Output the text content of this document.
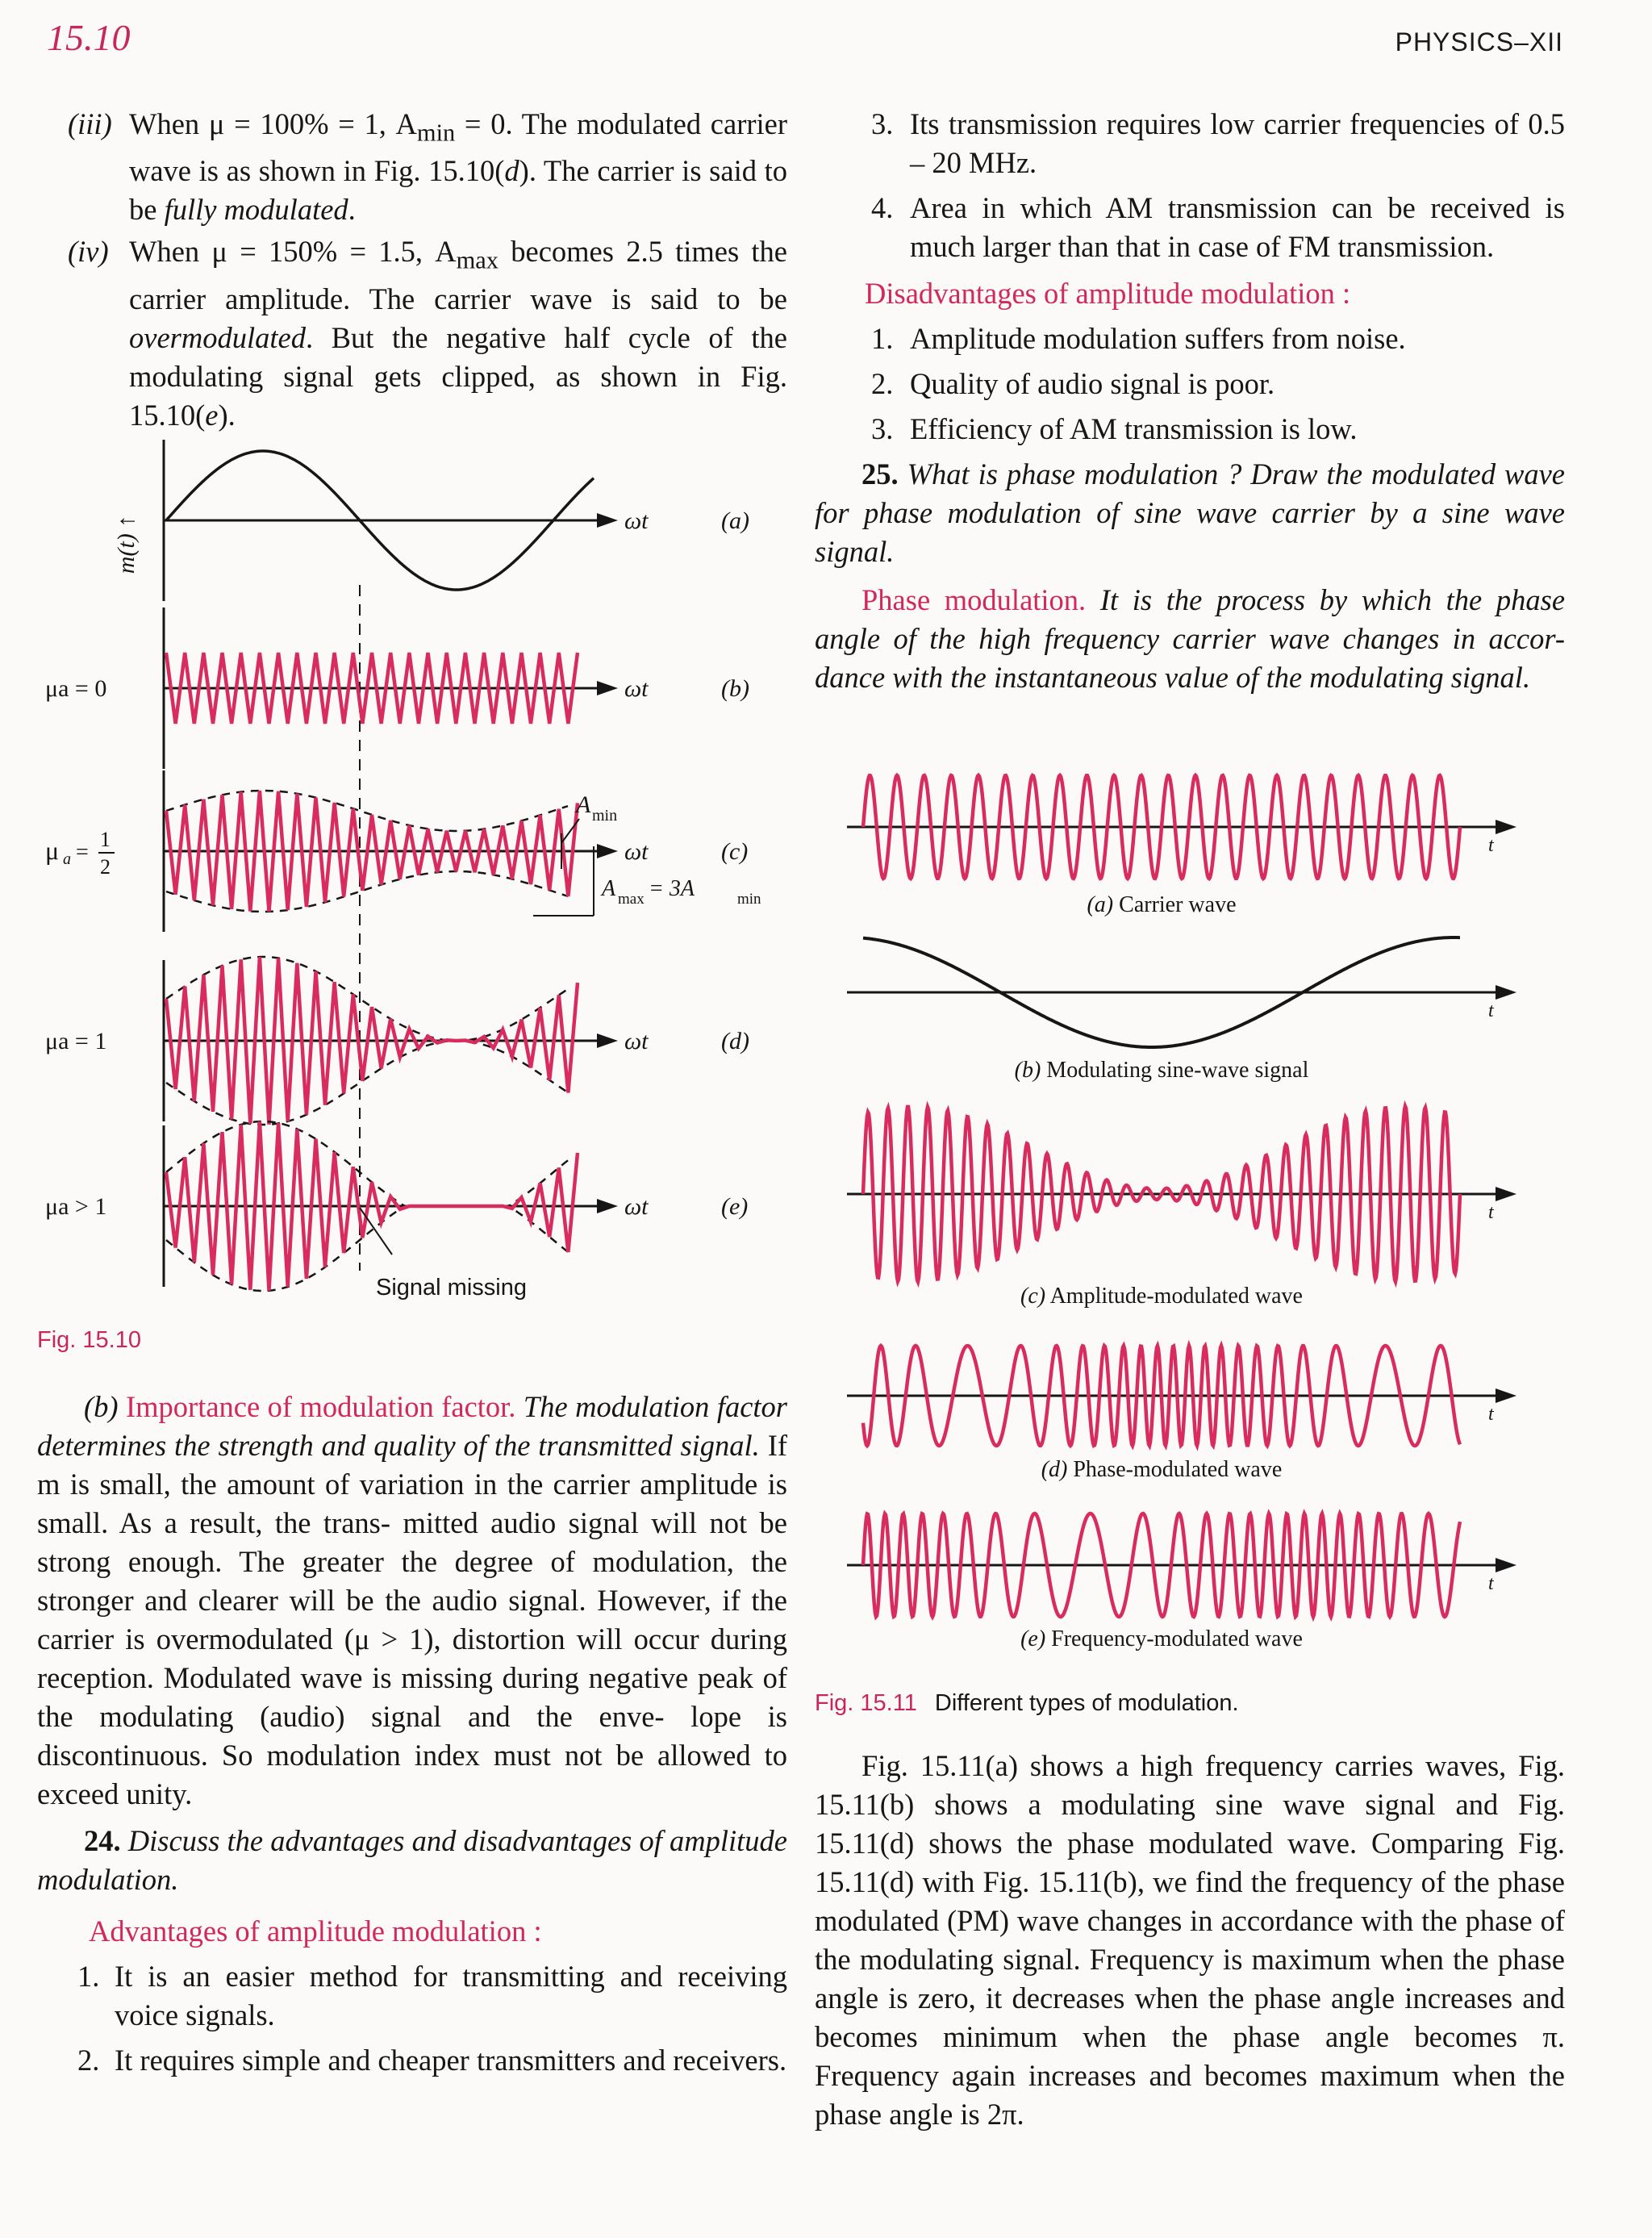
15.10	PHYSICS–XII
(iii) When μ = 100% = 1, $A_{min} = 0$. The modulated carrier wave is as shown in Fig. 15.10(d). The carrier is said to be fully modulated.
(iv) When μ = 150% = 1.5, $A_{max}$ becomes 2.5 times the carrier amplitude. The carrier wave is said to be overmodulated. But the negative half cycle of the modulating signal gets clipped, as shown in Fig. 15.10(e).
m(t) ↑
μa = 0
μ a =
1
2
μa = 1
μa > 1
ωt	(a)
ωt	(b)
ωt	(c)
ωt	(d)
ωt	(e)
A min
A max = 3A	min
Signal missing
Fig. 15.10

(b) Importance of modulation factor. The modulation factor determines the strength and quality of the transmitted signal. If m is small, the amount of variation in the carrier amplitude is small. As a result, the trans- mitted audio signal will not be strong enough. The greater the degree of modulation, the stronger and clearer will be the audio signal. However, if the carrier is overmodulated (μ > 1), distortion will occur during reception. Modulated wave is missing during negative peak of the modulating (audio) signal and the enve- lope is discontinuous. So modulation index must not be allowed to exceed unity.

24. Discuss the advantages and disadvantages of amplitude modulation.

Advantages of amplitude modulation :
1. It is an easier method for transmitting and receiving voice signals.
2. It requires simple and cheaper transmitters and receivers.
3. Its transmission requires low carrier frequencies of 0.5 – 20 MHz.
4. Area in which AM transmission can be received is much larger than that in case of FM transmission.
Disadvantages of amplitude modulation :
1. Amplitude modulation suffers from noise.
2. Quality of audio signal is poor.
3. Efficiency of AM transmission is low.

25. What is phase modulation ? Draw the modulated wave for phase modulation of sine wave carrier by a sine wave signal.

Phase modulation. It is the process by which the phase angle of the high frequency carrier wave changes in accor- dance with the instantaneous value of the modulating signal.

t
(a) Carrier wave
t
(b) Modulating sine-wave signal
t
(c) Amplitude-modulated wave
t
(d) Phase-modulated wave
t
(e) Frequency-modulated wave
Fig. 15.11 Different types of modulation.

Fig. 15.11(a) shows a high frequency carries waves, Fig. 15.11(b) shows a modulating sine wave signal and Fig. 15.11(d) shows the phase modulated wave. Comparing Fig. 15.11(d) with Fig. 15.11(b), we find the frequency of the phase modulated (PM) wave changes in accordance with the phase of the modulating signal. Frequency is maximum when the phase angle is zero, it decreases when the phase angle increases and becomes minimum when the phase angle becomes π. Frequency again increases and becomes maximum when the phase angle is 2π.
